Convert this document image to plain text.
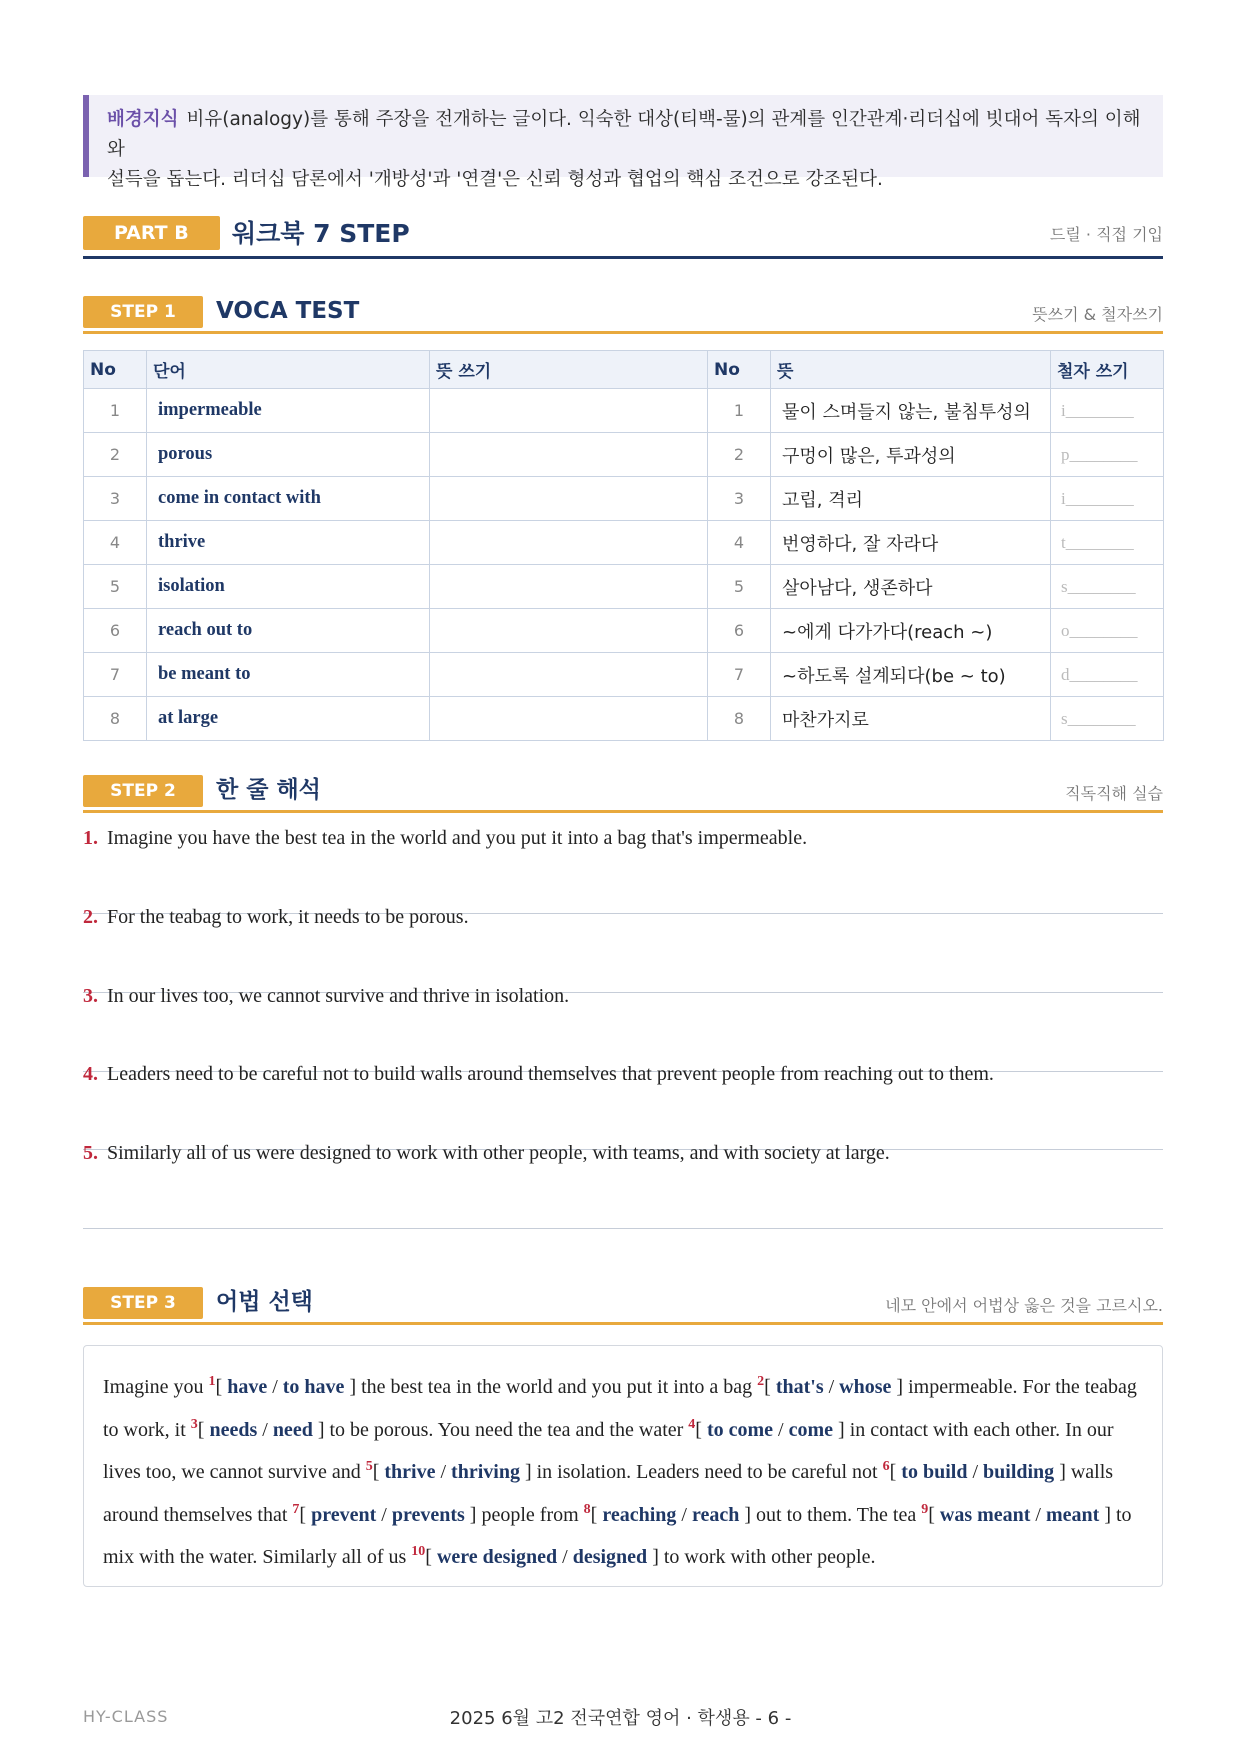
배경지식 비유(analogy)를 통해 주장을 전개하는 글이다. 익숙한 대상(티백-물)의 관계를 인간관계·리더십에 빗대어 독자의 이해와
설득을 돕는다. 리더십 담론에서 '개방성'과 '연결'은 신뢰 형성과 협업의 핵심 조건으로 강조된다.
PART B	워크북 7 STEP	드릴 · 직접 기입
STEP 1	VOCA TEST	뜻쓰기 & 철자쓰기
No	단어	뜻 쓰기	No	뜻	철자 쓰기
1	impermeable		1	물이 스며들지 않는, 불침투성의	i________
2	porous		2	구멍이 많은, 투과성의	p________
3	come in contact with		3	고립, 격리	i________
4	thrive		4	번영하다, 잘 자라다	t________
5	isolation		5	살아남다, 생존하다	s________
6	reach out to		6	~에게 다가가다(reach ~)	o________
7	be meant to		7	~하도록 설계되다(be ~ to)	d________
8	at large		8	마찬가지로	s________
STEP 2	한 줄 해석	직독직해 실습
1. Imagine you have the best tea in the world and you put it into a bag that's impermeable.
2. For the teabag to work, it needs to be porous.
3. In our lives too, we cannot survive and thrive in isolation.
4. Leaders need to be careful not to build walls around themselves that prevent people from reaching out to them.
5. Similarly all of us were designed to work with other people, with teams, and with society at large.
STEP 3	어법 선택	네모 안에서 어법상 옳은 것을 고르시오.
Imagine you $^1$[ have / to have ] the best tea in the world and you put it into a bag $^2$[ that's / whose ] impermeable. For the teabag to work, it $^3$[ needs / need ] to be porous. You need the tea and the water $^4$[ to come / come ] in contact with each other. In our lives too, we cannot survive and $^5$[ thrive / thriving ] in isolation. Leaders need to be careful not $^6$[ to build / building ] walls around themselves that $^7$[ prevent / prevents ] people from $^8$[ reaching / reach ] out to them. The tea $^9$[ was meant / meant ] to mix with the water. Similarly all of us $^{10}$[ were designed / designed ] to work with other people.
HY-CLASS	2025 6월 고2 전국연합 영어 · 학생용 - 6 -
